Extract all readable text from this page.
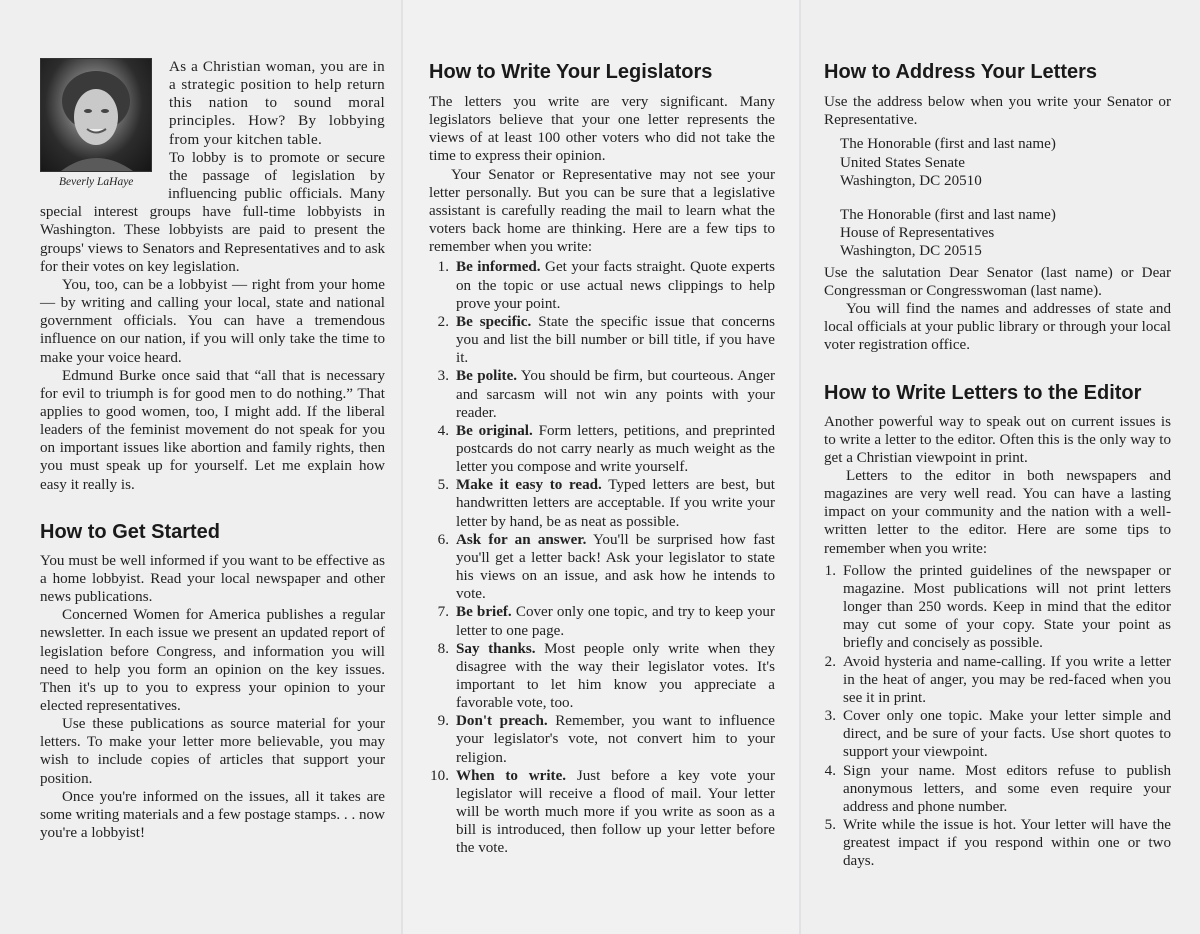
As a Christian woman, you are in a strategic position to help return this nation to sound moral principles. How? By lobbying from your kitchen table.

Beverly LaHaye

To lobby is to promote or secure the passage of legislation by influencing public officials. Many special interest groups have full-time lobbyists in Washington. These lobbyists are paid to present the groups' views to Senators and Representatives and to ask for their votes on key legislation.

You, too, can be a lobbyist — right from your home — by writing and calling your local, state and national government officials. You can have a tremendous influence on our nation, if you will only take the time to make your voice heard.

Edmund Burke once said that “all that is necessary for evil to triumph is for good men to do nothing.” That applies to good women, too, I might add. If the liberal leaders of the feminist movement do not speak for you on important issues like abortion and family rights, then you must speak up for yourself. Let me explain how easy it really is.

How to Get Started

You must be well informed if you want to be effective as a home lobbyist. Read your local newspaper and other news publications.

Concerned Women for America publishes a regular newsletter. In each issue we present an updated report of legislation before Congress, and information you will need to help you form an opinion on the key issues. Then it's up to you to express your opinion to your elected representatives.

Use these publications as source material for your letters. To make your letter more believable, you may wish to include copies of articles that support your position.

Once you're informed on the issues, all it takes are some writing materials and a few postage stamps. . . now you're a lobbyist!

How to Write Your Legislators

The letters you write are very significant. Many legislators believe that your one letter represents the views of at least 100 other voters who did not take the time to express their opinion.

Your Senator or Representative may not see your letter personally. But you can be sure that a legislative assistant is carefully reading the mail to learn what the voters back home are thinking. Here are a few tips to remember when you write:

1. Be informed. Get your facts straight. Quote experts on the topic or use actual news clippings to help prove your point.
2. Be specific. State the specific issue that concerns you and list the bill number or bill title, if you have it.
3. Be polite. You should be firm, but courteous. Anger and sarcasm will not win any points with your reader.
4. Be original. Form letters, petitions, and preprinted postcards do not carry nearly as much weight as the letter you compose and write yourself.
5. Make it easy to read. Typed letters are best, but handwritten letters are acceptable. If you write your letter by hand, be as neat as possible.
6. Ask for an answer. You'll be surprised how fast you'll get a letter back! Ask your legislator to state his views on an issue, and ask how he intends to vote.
7. Be brief. Cover only one topic, and try to keep your letter to one page.
8. Say thanks. Most people only write when they disagree with the way their legislator votes. It's important to let him know you appreciate a favorable vote, too.
9. Don't preach. Remember, you want to influence your legislator's vote, not convert him to your religion.
10. When to write. Just before a key vote your legislator will receive a flood of mail. Your letter will be worth much more if you write as soon as a bill is introduced, then follow up your letter before the vote.
How to Address Your Letters

Use the address below when you write your Senator or Representative.

The Honorable (first and last name)
United States Senate
Washington, DC 20510
The Honorable (first and last name)
House of Representatives
Washington, DC 20515

Use the salutation Dear Senator (last name) or Dear Congressman or Congresswoman (last name).

You will find the names and addresses of state and local officials at your public library or through your local voter registration office.

How to Write Letters to the Editor

Another powerful way to speak out on current issues is to write a letter to the editor. Often this is the only way to get a Christian viewpoint in print.

Letters to the editor in both newspapers and magazines are very well read. You can have a lasting impact on your community and the nation with a well-written letter to the editor. Here are some tips to remember when you write:

1. Follow the printed guidelines of the newspaper or magazine. Most publications will not print letters longer than 250 words. Keep in mind that the editor may cut some of your copy. State your point as briefly and concisely as possible.
2. Avoid hysteria and name-calling. If you write a letter in the heat of anger, you may be red-faced when you see it in print.
3. Cover only one topic. Make your letter simple and direct, and be sure of your facts. Use short quotes to support your viewpoint.
4. Sign your name. Most editors refuse to publish anonymous letters, and some even require your address and phone number.
5. Write while the issue is hot. Your letter will have the greatest impact if you respond within one or two days.
